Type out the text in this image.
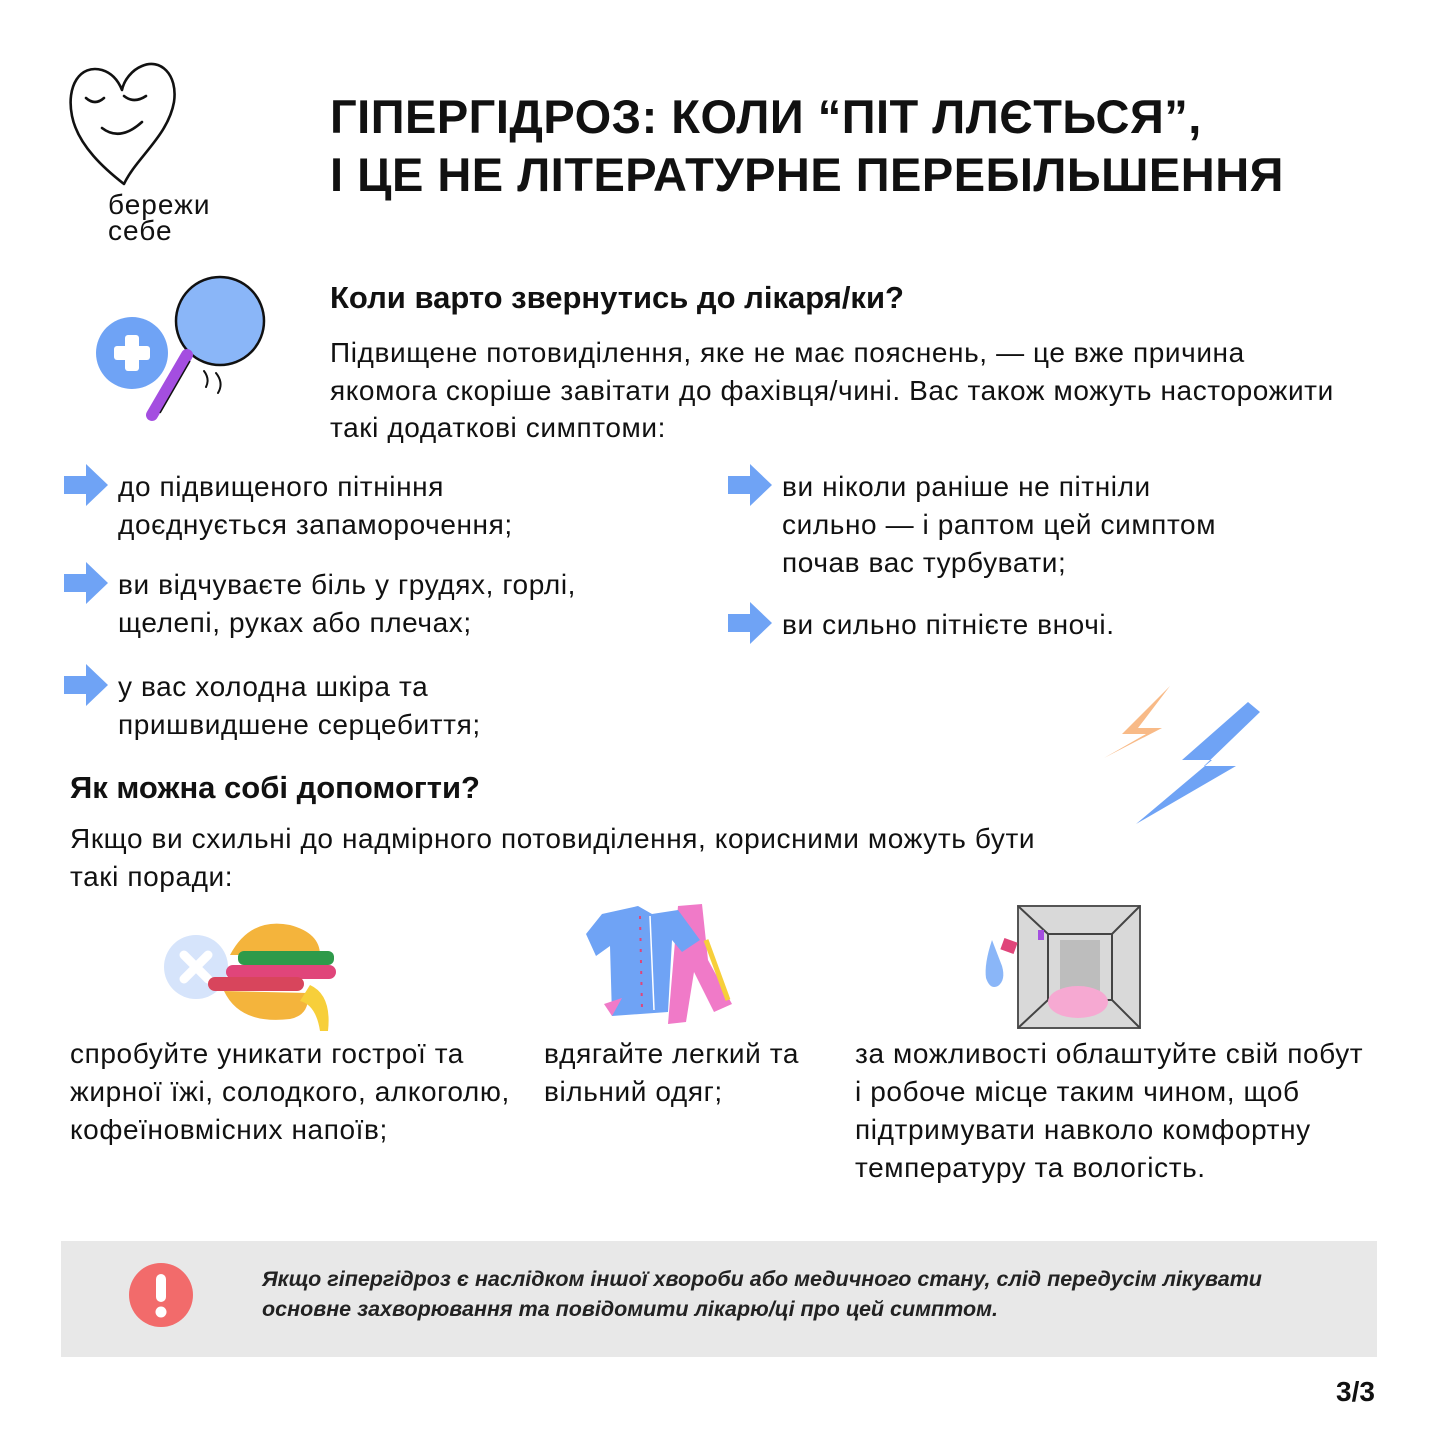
бережи
себе
ГІПЕРГІДРОЗ: КОЛИ “ПІТ ЛЛЄТЬСЯ”,
І ЦЕ НЕ ЛІТЕРАТУРНЕ ПЕРЕБІЛЬШЕННЯ
Коли варто звернутись до лікаря/ки?

Підвищене потовиділення, яке не має пояснень, — це вже причина якомога скоріше завітати до фахівця/чині. Вас також можуть насторожити такі додаткові симптоми:

до підвищеного пітніння
доєднується запаморочення;
ви відчуваєте біль у грудях, горлі,
щелепі, руках або плечах;
у вас холодна шкіра та
пришвидшене серцебиття;
ви ніколи раніше не пітніли
сильно — і раптом цей симптом
почав вас турбувати;
ви сильно пітнієте вночі.
Як можна собі допомогти?

Якщо ви схильні до надмірного потовиділення, корисними можуть бути такі поради:

спробуйте уникати гострої та жирної їжі, солодкого, алкоголю, кофеїновмісних напоїв;

вдягайте легкий та вільний одяг;

за можливості облаштуйте свій побут і робоче місце таким чином, щоб підтримувати навколо комфортну температуру та вологість.

Якщо гіпергідроз є наслідком іншої хвороби або медичного стану, слід передусім лікувати основне захворювання та повідомити лікарю/ці про цей симптом.

3/3
